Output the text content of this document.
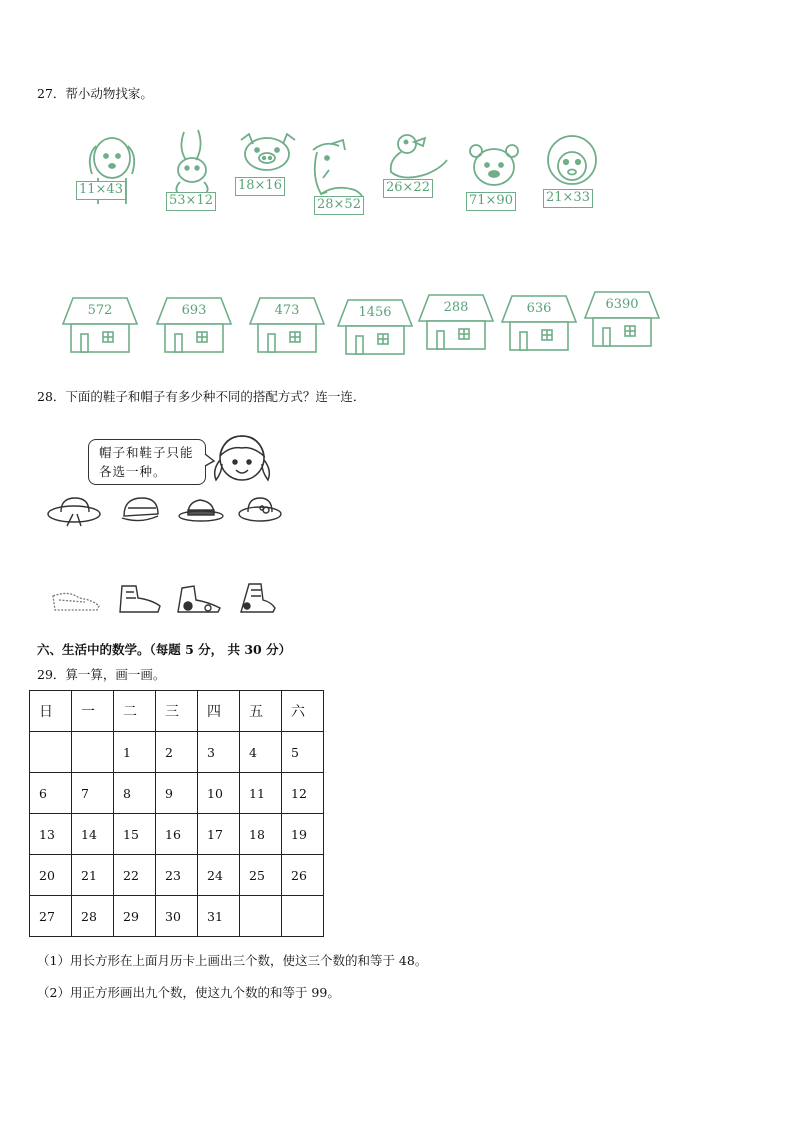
27．帮小动物找家。
11×43
53×12
18×16
28×52
26×22
71×90	21×33
572	693	473	1456	288	636	6390
28．下面的鞋子和帽子有多少种不同的搭配方式？连一连．
帽子和鞋子只能
各选一种。
六、生活中的数学。（每题 5 分， 共 30 分）
29．算一算，画一画。
日	一	二	三	四	五	六
		1	2	3	4	5
6	7	8	9	10	11	12
13	14	15	16	17	18	19
20	21	22	23	24	25	26
27	28	29	30	31		
（1）用长方形在上面月历卡上画出三个数，使这三个数的和等于 48。
（2）用正方形画出九个数，使这九个数的和等于 99。
